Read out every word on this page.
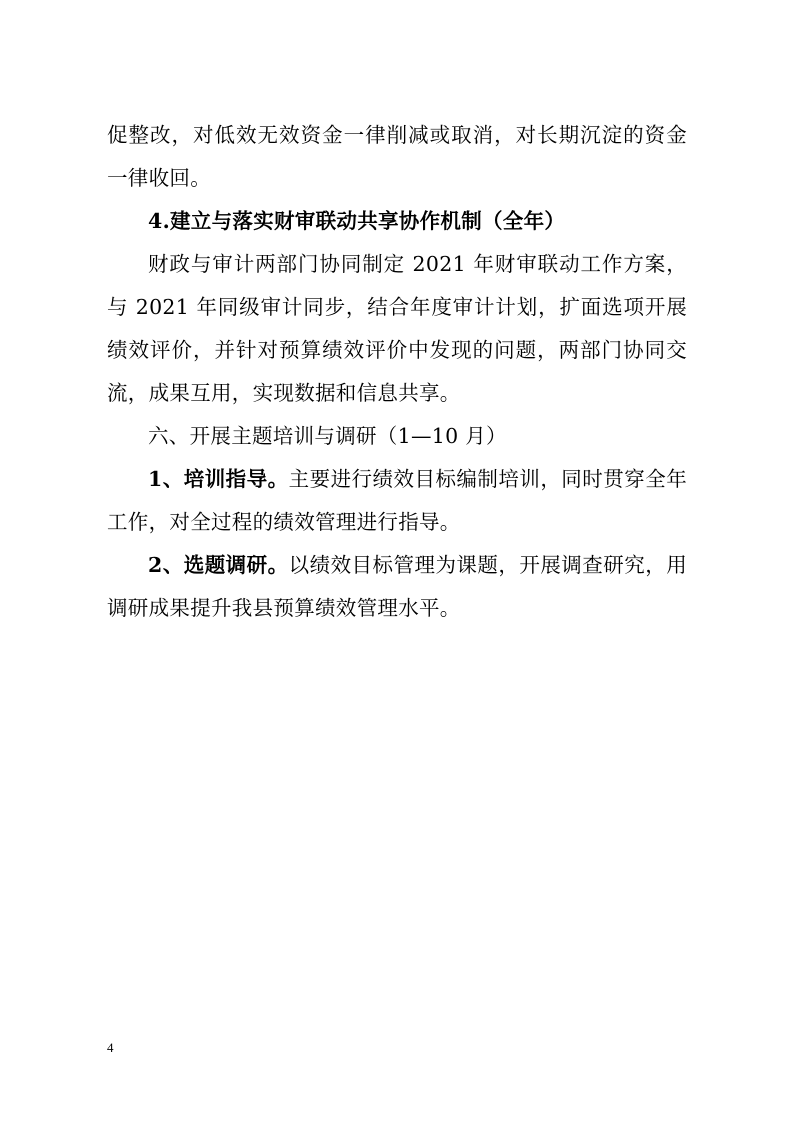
促整改，对低效无效资金一律削减或取消，对长期沉淀的资金一律收回。

4.建立与落实财审联动共享协作机制（全年）

财政与审计两部门协同制定 2021 年财审联动工作方案，与 2021 年同级审计同步，结合年度审计计划，扩面选项开展绩效评价，并针对预算绩效评价中发现的问题，两部门协同交流，成果互用，实现数据和信息共享。

六、开展主题培训与调研（1—10 月）

1、培训指导。主要进行绩效目标编制培训，同时贯穿全年工作，对全过程的绩效管理进行指导。

2、选题调研。以绩效目标管理为课题，开展调查研究，用调研成果提升我县预算绩效管理水平。

4
